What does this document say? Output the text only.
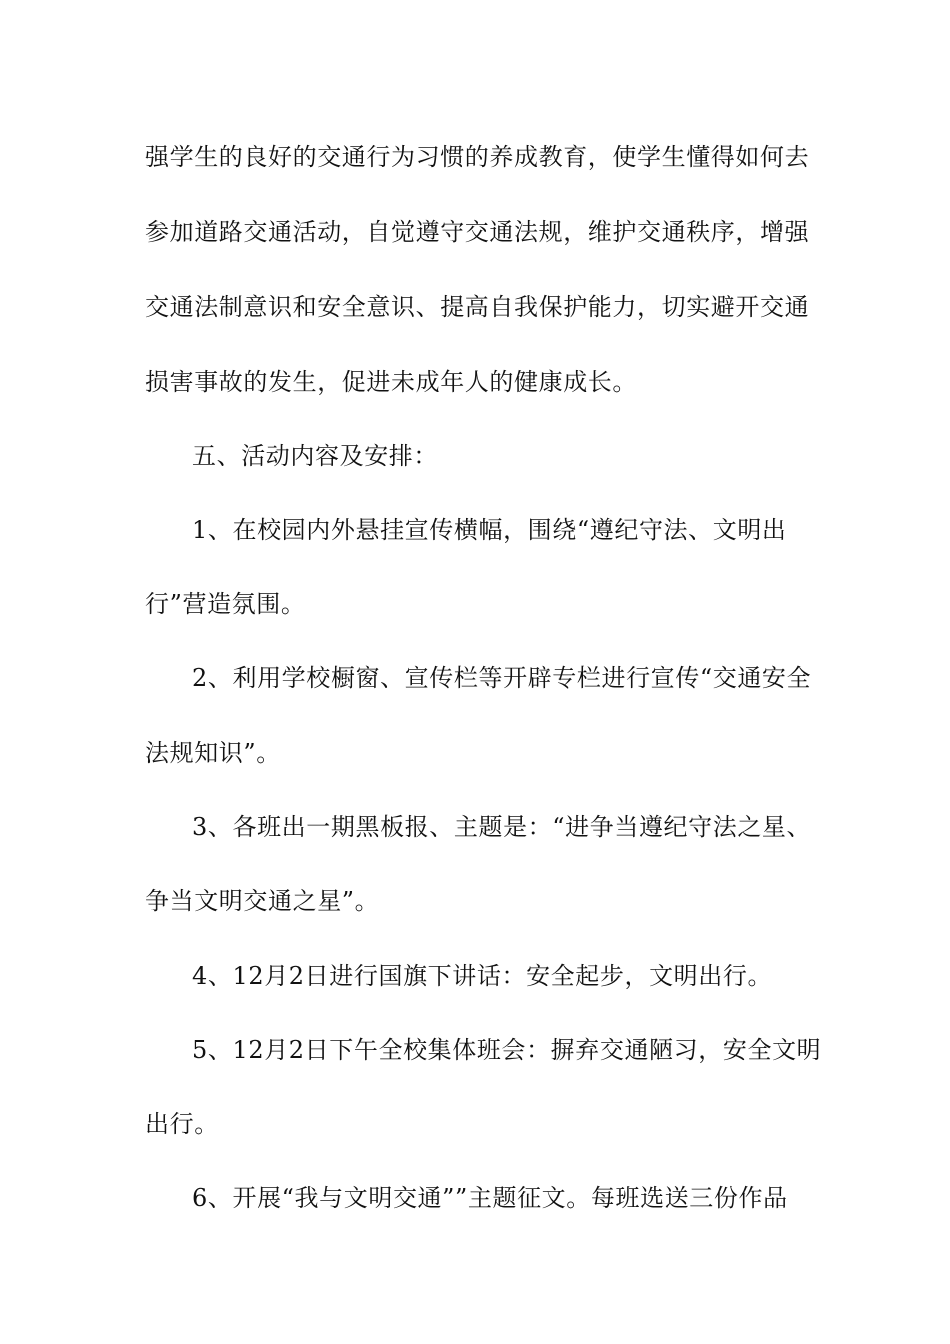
强学生的良好的交通行为习惯的养成教育，使学生懂得如何去
参加道路交通活动，自觉遵守交通法规，维护交通秩序，增强
交通法制意识和安全意识、提高自我保护能力，切实避开交通
损害事故的发生，促进未成年人的健康成长。
五、活动内容及安排：
1、在校园内外悬挂宣传横幅，围绕“遵纪守法、文明出
行”营造氛围。
2、利用学校橱窗、宣传栏等开辟专栏进行宣传“交通安全
法规知识”。
3、各班出一期黑板报、主题是：“进争当遵纪守法之星、
争当文明交通之星”。
4、12月2日进行国旗下讲话：安全起步，文明出行。
5、12月2日下午全校集体班会：摒弃交通陋习，安全文明
出行。
6、开展“我与文明交通””主题征文。每班选送三份作品
